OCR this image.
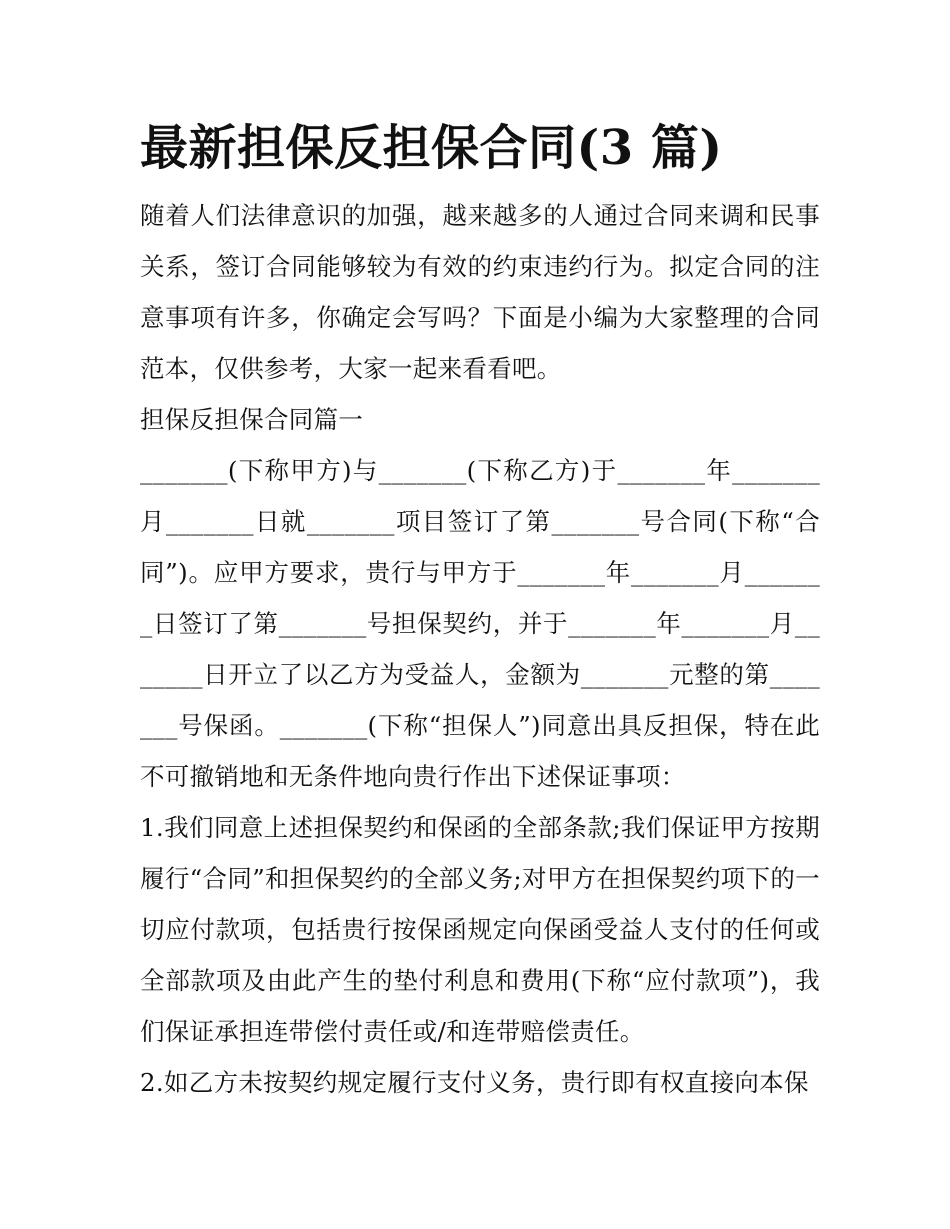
最新担保反担保合同(3 篇)

随着人们法律意识的加强，越来越多的人通过合同来调和民事关系，签订合同能够较为有效的约束违约行为。拟定合同的注意事项有许多，你确定会写吗？下面是小编为大家整理的合同范本，仅供参考，大家一起来看看吧。

担保反担保合同篇一

_______(下称甲方)与_______(下称乙方)于_______年_______月_______日就_______项目签订了第_______号合同(下称“合同”)。应甲方要求，贵行与甲方于_______年_______月_______日签订了第_______号担保契约，并于_______年_______月_______日开立了以乙方为受益人，金额为_______元整的第_______号保函。_______(下称“担保人”)同意出具反担保，特在此不可撤销地和无条件地向贵行作出下述保证事项：

1.我们同意上述担保契约和保函的全部条款;我们保证甲方按期履行“合同”和担保契约的全部义务;对甲方在担保契约项下的一切应付款项，包括贵行按保函规定向保函受益人支付的任何或全部款项及由此产生的垫付利息和费用(下称“应付款项”)，我们保证承担连带偿付责任或/和连带赔偿责任。

2.如乙方未按契约规定履行支付义务，贵行即有权直接向本保
